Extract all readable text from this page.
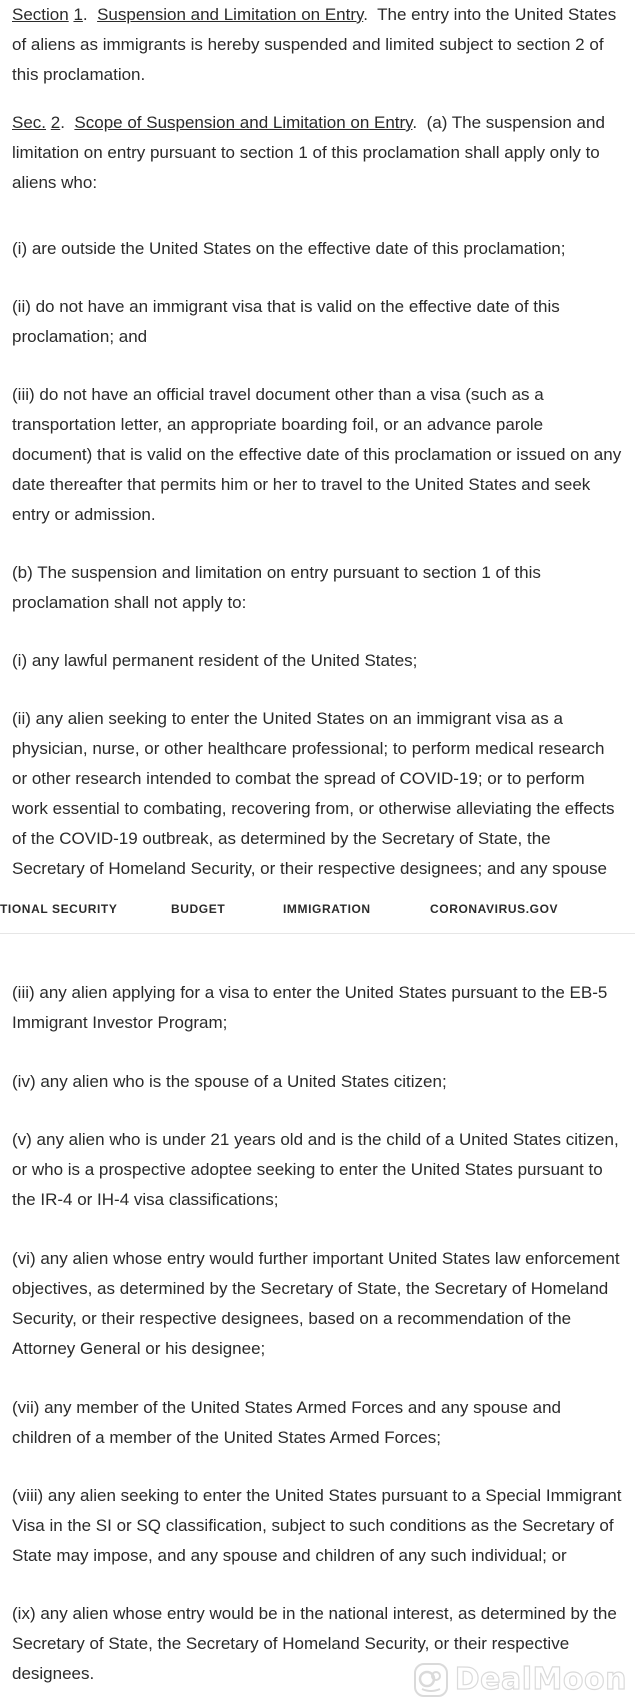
Section 1.  Suspension and Limitation on Entry.  The entry into the United States of aliens as immigrants is hereby suspended and limited subject to section 2 of this proclamation.

Sec. 2.  Scope of Suspension and Limitation on Entry.  (a) The suspension and limitation on entry pursuant to section 1 of this proclamation shall apply only to aliens who:

(i) are outside the United States on the effective date of this proclamation;

(ii) do not have an immigrant visa that is valid on the effective date of this proclamation; and

(iii) do not have an official travel document other than a visa (such as a transportation letter, an appropriate boarding foil, or an advance parole document) that is valid on the effective date of this proclamation or issued on any date thereafter that permits him or her to travel to the United States and seek entry or admission.

(b) The suspension and limitation on entry pursuant to section 1 of this proclamation shall not apply to:

(i) any lawful permanent resident of the United States;

(ii) any alien seeking to enter the United States on an immigrant visa as a physician, nurse, or other healthcare professional; to perform medical research or other research intended to combat the spread of COVID-19; or to perform work essential to combating, recovering from, or otherwise alleviating the effects of the COVID-19 outbreak, as determined by the Secretary of State, the Secretary of Homeland Security, or their respective designees; and any spouse

(iii) any alien applying for a visa to enter the United States pursuant to the EB-5 Immigrant Investor Program;

(iv) any alien who is the spouse of a United States citizen;

(v) any alien who is under 21 years old and is the child of a United States citizen, or who is a prospective adoptee seeking to enter the United States pursuant to the IR-4 or IH-4 visa classifications;

(vi) any alien whose entry would further important United States law enforcement objectives, as determined by the Secretary of State, the Secretary of Homeland Security, or their respective designees, based on a recommendation of the Attorney General or his designee;

(vii) any member of the United States Armed Forces and any spouse and children of a member of the United States Armed Forces;

(viii) any alien seeking to enter the United States pursuant to a Special Immigrant Visa in the SI or SQ classification, subject to such conditions as the Secretary of State may impose, and any spouse and children of any such individual; or

(ix) any alien whose entry would be in the national interest, as determined by the Secretary of State, the Secretary of Homeland Security, or their respective designees.

TIONAL SECURITY	BUDGET	IMMIGRATION	CORONAVIRUS.GOV
DealMoon
